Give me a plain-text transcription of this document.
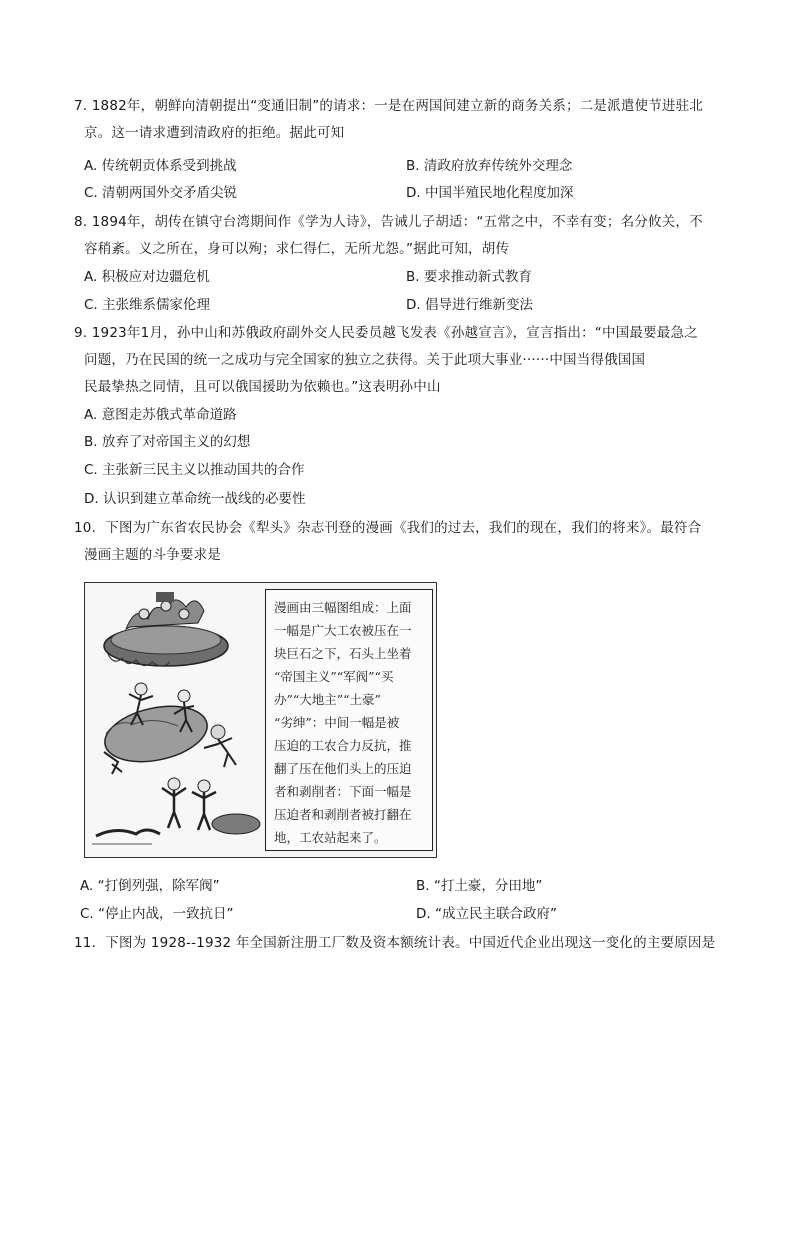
7. 1882年，朝鲜向清朝提出“变通旧制”的请求：一是在两国间建立新的商务关系；二是派遣使节进驻北
京。这一请求遭到清政府的拒绝。据此可知
A. 传统朝贡体系受到挑战	B. 清政府放弃传统外交理念
C. 清朝两国外交矛盾尖锐	D. 中国半殖民地化程度加深
8. 1894年，胡传在镇守台湾期间作《学为人诗》，告诫儿子胡适：“五常之中，不幸有变；名分攸关，不
容稍紊。义之所在，身可以殉；求仁得仁，无所尤怨。”据此可知，胡传
A. 积极应对边疆危机	B. 要求推动新式教育
C. 主张维系儒家伦理	D. 倡导进行维新变法
9. 1923年1月，孙中山和苏俄政府副外交人民委员越飞发表《孙越宣言》，宣言指出：“中国最要最急之
问题，乃在民国的统一之成功与完全国家的独立之获得。关于此项大事业······中国当得俄国国
民最挚热之同情，且可以俄国援助为依赖也。”这表明孙中山
A. 意图走苏俄式革命道路
B. 放弃了对帝国主义的幻想
C. 主张新三民主义以推动国共的合作
D. 认识到建立革命统一战线的必要性
10．下图为广东省农民协会《犁头》杂志刊登的漫画《我们的过去，我们的现在，我们的将来》。最符合
漫画主题的斗争要求是
漫画由三幅图组成：上面
一幅是广大工农被压在一
块巨石之下，石头上坐着
“帝国主义”“军阀”“买
办”“大地主”“土豪”
“劣绅”：中间一幅是被
压迫的工农合力反抗，推
翻了压在他们头上的压迫
者和剥削者：下面一幅是
压迫者和剥削者被打翻在
地，工农站起来了。
A. “打倒列强，除军阀”	B. “打土豪，分田地”
C. “停止内战，一致抗日”	D. “成立民主联合政府”
11．下图为 1928--1932 年全国新注册工厂数及资本额统计表。中国近代企业出现这一变化的主要原因是
